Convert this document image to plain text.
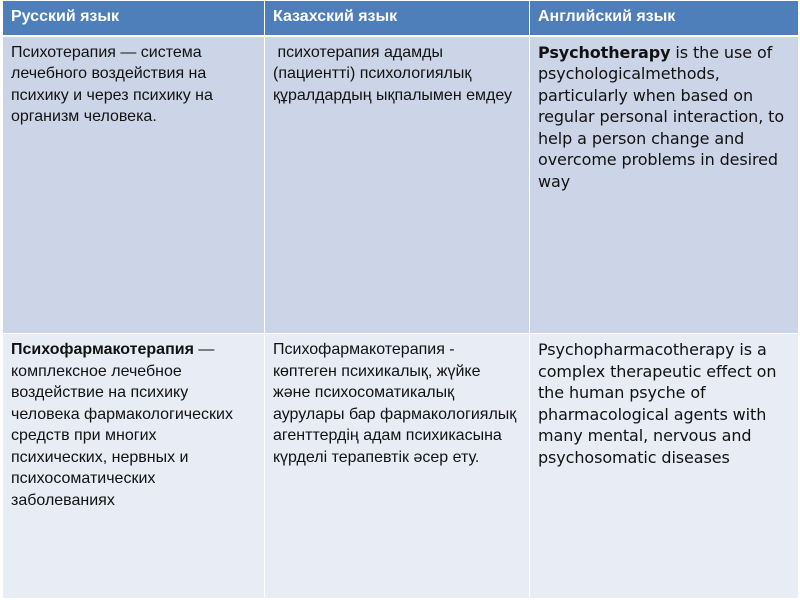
Русский язык	Казахский язык	Английский язык

Психотерапия — система лечебного воздействия на психику и через психику на организм человека.	психотерапия адамды (пациентті) психологиялық құралдардың ықпалымен емдеу	Psychotherapy is the use of psychologicalmethods, particularly when based on regular personal interaction, to help a person change and overcome problems in desired way

Психофармакотерапия — комплексное лечебное воздействие на психику человека фармакологических средств при многих психических, нервных и психосоматических заболеваниях	Психофармакотерапия - көптеген психикалық, жүйке және психосоматикалық аурулары бар фармакологиялық агенттердің адам психикасына күрделі терапевтік әсер ету.	Psychopharmacotherapy is a complex therapeutic effect on the human psyche of pharmacological agents with many mental, nervous and psychosomatic diseases
